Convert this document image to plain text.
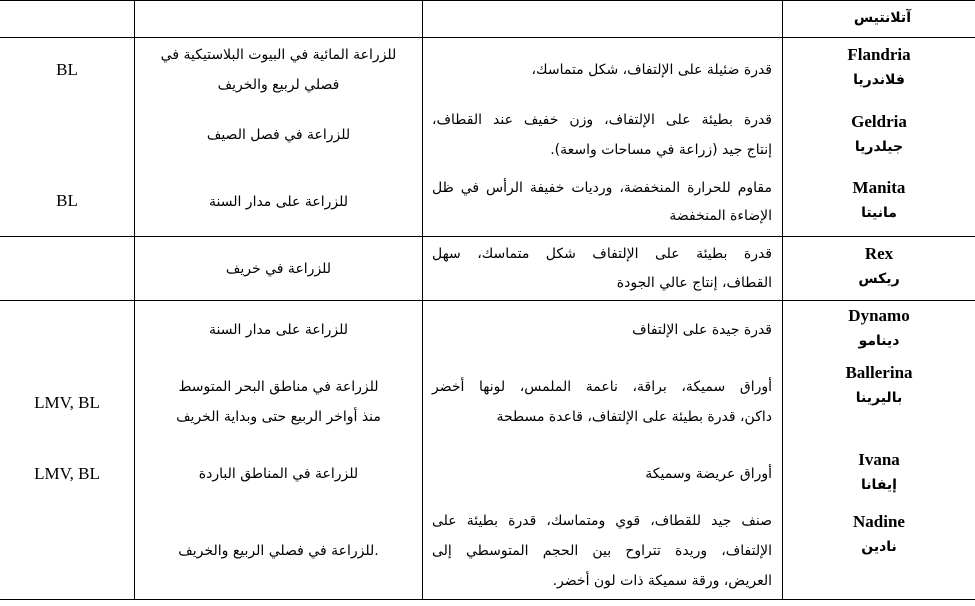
آتلانتيس
Flandria
فلاندريا
قدرة ضئيلة على الإلتفاف، شكل متماسك،
للزراعة المائية في البيوت البلاستيكية في
فصلي لربيع والخريف
BL
Geldria
جيلدريا
قدرة بطيئة على الإلتفاف، وزن خفيف عند القطاف،
إنتاج جيد (زراعة في مساحات واسعة).
للزراعة في فصل الصيف
Manita
مانيتا
مقاوم للحرارة المنخفضة، ورديات خفيفة الرأس في ظل
الإضاءة المنخفضة
للزراعة على مدار السنة
BL
Rex
ريكس
قدرة بطيئة على الإلتفاف شكل متماسك، سهل
القطاف، إنتاج عالي الجودة
للزراعة في خريف
Dynamo
دينامو
قدرة جيدة على الإلتفاف
للزراعة على مدار السنة
Ballerina
باليرينا
أوراق سميكة، براقة، ناعمة الملمس، لونها أخضر
داكن، قدرة بطيئة على الإلتفاف، قاعدة مسطحة
للزراعة في مناطق البحر المتوسط
منذ أواخر الربيع حتى وبداية الخريف
LMV, BL
Ivana
إيفانا
أوراق عريضة وسميكة
للزراعة في المناطق الباردة
LMV, BL
Nadine
نادين
صنف جيد للقطاف، قوي ومتماسك، قدرة بطيئة على
الإلتفاف، وريدة تتراوح بين الحجم المتوسطي إلى
العريض، ورقة سميكة ذات لون أخضر.
للزراعة في فصلي الربيع والخريف.
